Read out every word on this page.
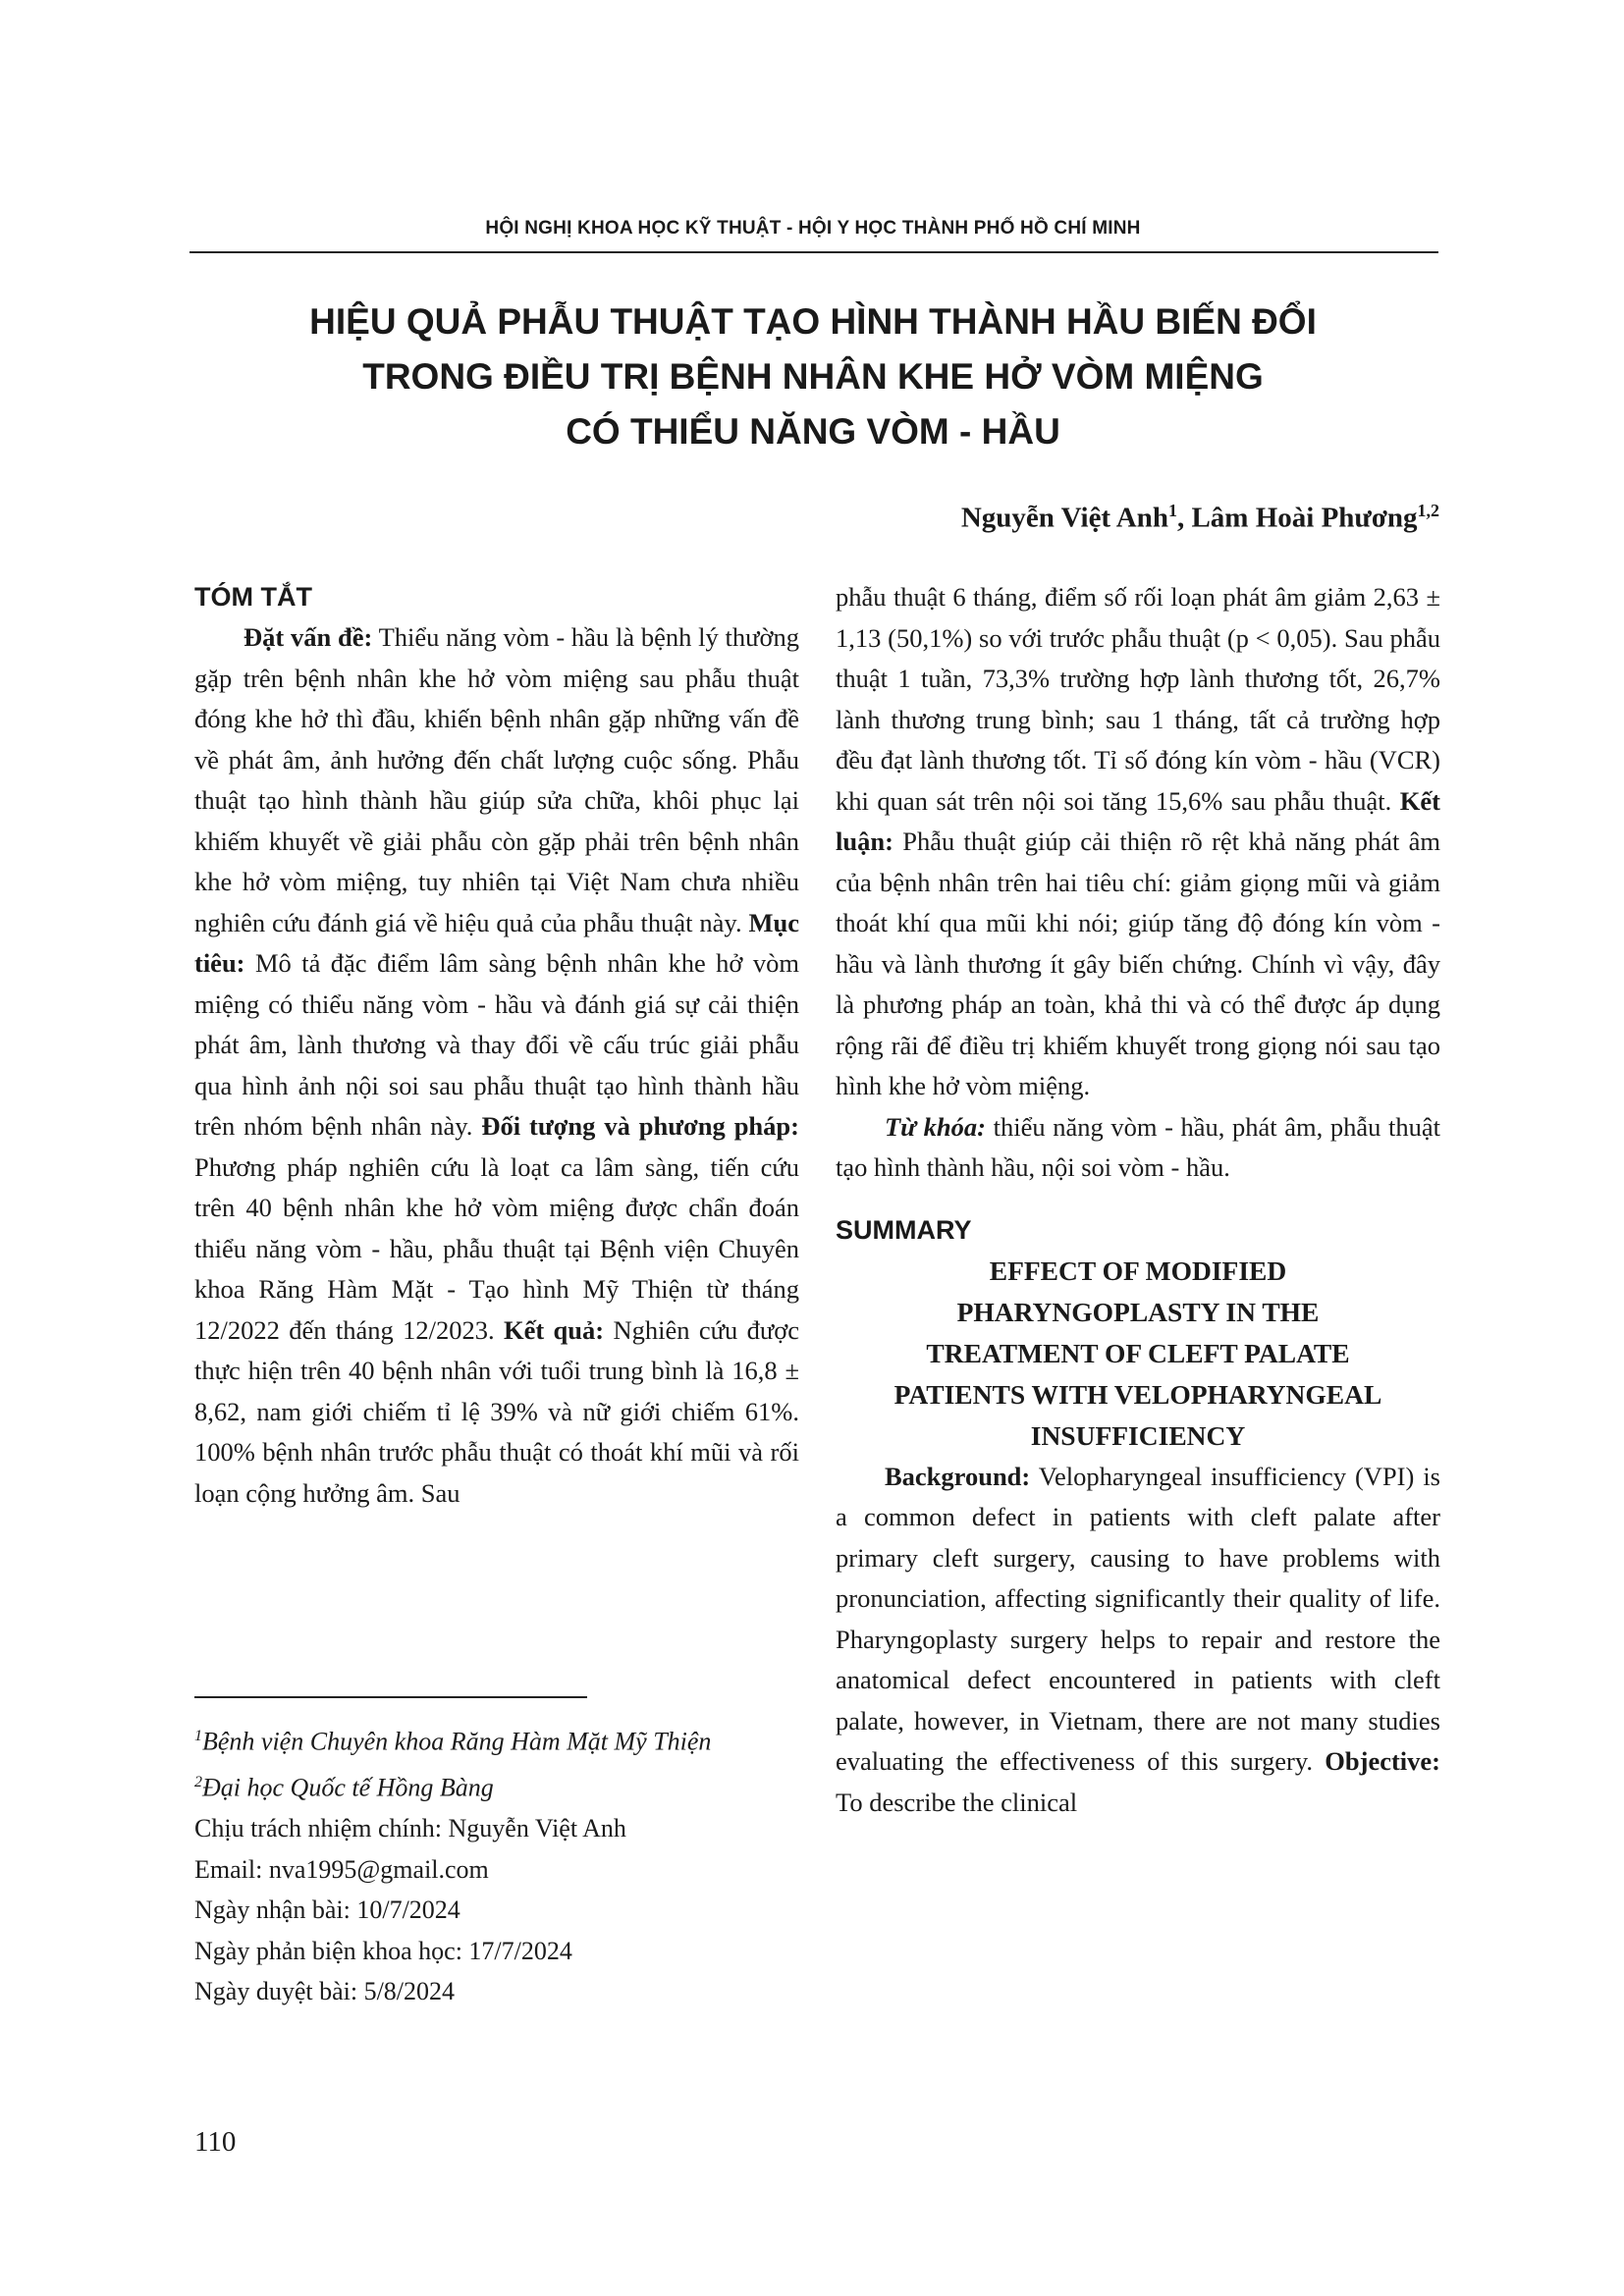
HỘI NGHỊ KHOA HỌC KỸ THUẬT - HỘI Y HỌC THÀNH PHỐ HỒ CHÍ MINH
HIỆU QUẢ PHẪU THUẬT TẠO HÌNH THÀNH HẦU BIẾN ĐỔI
TRONG ĐIỀU TRỊ BỆNH NHÂN KHE HỞ VÒM MIỆNG
CÓ THIỂU NĂNG VÒM - HẦU
Nguyễn Việt Anh$^1$, Lâm Hoài Phương$^{1,2}$
TÓM TẮT

Đặt vấn đề: Thiểu năng vòm - hầu là bệnh lý thường gặp trên bệnh nhân khe hở vòm miệng sau phẫu thuật đóng khe hở thì đầu, khiến bệnh nhân gặp những vấn đề về phát âm, ảnh hưởng đến chất lượng cuộc sống. Phẫu thuật tạo hình thành hầu giúp sửa chữa, khôi phục lại khiếm khuyết về giải phẫu còn gặp phải trên bệnh nhân khe hở vòm miệng, tuy nhiên tại Việt Nam chưa nhiều nghiên cứu đánh giá về hiệu quả của phẫu thuật này. Mục tiêu: Mô tả đặc điểm lâm sàng bệnh nhân khe hở vòm miệng có thiểu năng vòm - hầu và đánh giá sự cải thiện phát âm, lành thương và thay đổi về cấu trúc giải phẫu qua hình ảnh nội soi sau phẫu thuật tạo hình thành hầu trên nhóm bệnh nhân này. Đối tượng và phương pháp: Phương pháp nghiên cứu là loạt ca lâm sàng, tiến cứu trên 40 bệnh nhân khe hở vòm miệng được chẩn đoán thiểu năng vòm - hầu, phẫu thuật tại Bệnh viện Chuyên khoa Răng Hàm Mặt - Tạo hình Mỹ Thiện từ tháng 12/2022 đến tháng 12/2023. Kết quả: Nghiên cứu được thực hiện trên 40 bệnh nhân với tuổi trung bình là 16,8 ± 8,62, nam giới chiếm tỉ lệ 39% và nữ giới chiếm 61%. 100% bệnh nhân trước phẫu thuật có thoát khí mũi và rối loạn cộng hưởng âm. Sau

phẫu thuật 6 tháng, điểm số rối loạn phát âm giảm 2,63 ± 1,13 (50,1%) so với trước phẫu thuật (p < 0,05). Sau phẫu thuật 1 tuần, 73,3% trường hợp lành thương tốt, 26,7% lành thương trung bình; sau 1 tháng, tất cả trường hợp đều đạt lành thương tốt. Tỉ số đóng kín vòm - hầu (VCR) khi quan sát trên nội soi tăng 15,6% sau phẫu thuật. Kết luận: Phẫu thuật giúp cải thiện rõ rệt khả năng phát âm của bệnh nhân trên hai tiêu chí: giảm giọng mũi và giảm thoát khí qua mũi khi nói; giúp tăng độ đóng kín vòm - hầu và lành thương ít gây biến chứng. Chính vì vậy, đây là phương pháp an toàn, khả thi và có thể được áp dụng rộng rãi để điều trị khiếm khuyết trong giọng nói sau tạo hình khe hở vòm miệng.

Từ khóa: thiểu năng vòm - hầu, phát âm, phẫu thuật tạo hình thành hầu, nội soi vòm - hầu.

SUMMARY
EFFECT OF MODIFIED
PHARYNGOPLASTY IN THE
TREATMENT OF CLEFT PALATE
PATIENTS WITH VELOPHARYNGEAL
INSUFFICIENCY

Background: Velopharyngeal insufficiency (VPI) is a common defect in patients with cleft palate after primary cleft surgery, causing to have problems with pronunciation, affecting significantly their quality of life. Pharyngoplasty surgery helps to repair and restore the anatomical defect encountered in patients with cleft palate, however, in Vietnam, there are not many studies evaluating the effectiveness of this surgery. Objective: To describe the clinical

$^1$Bệnh viện Chuyên khoa Răng Hàm Mặt Mỹ Thiện
$^2$Đại học Quốc tế Hồng Bàng
Chịu trách nhiệm chính: Nguyễn Việt Anh
Email: nva1995@gmail.com
Ngày nhận bài: 10/7/2024
Ngày phản biện khoa học: 17/7/2024
Ngày duyệt bài: 5/8/2024
110
